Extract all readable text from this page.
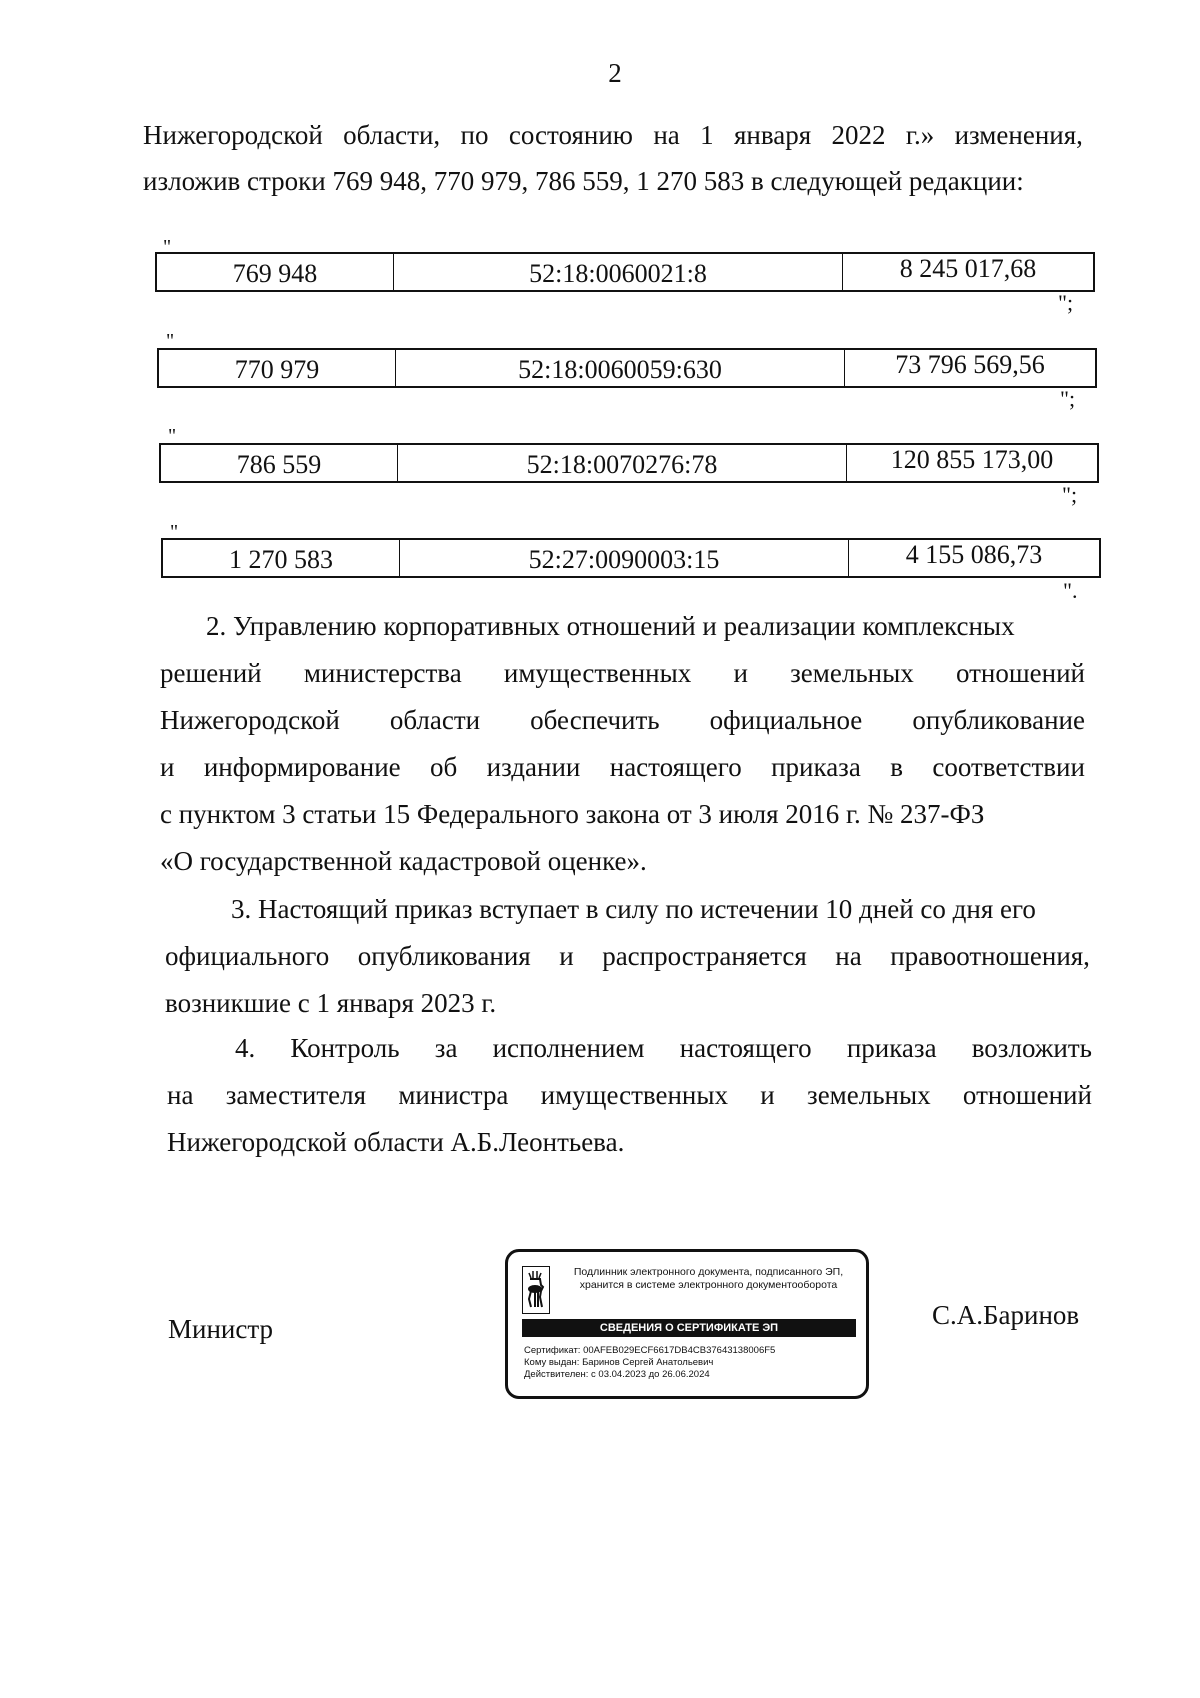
2
Нижегородской области, по состоянию на 1 января 2022 г.» изменения,
изложив строки 769 948, 770 979, 786 559, 1 270 583 в следующей редакции:
"
769 948	52:18:0060021:8	8 245 017,68
";
"
770 979	52:18:0060059:630	73 796 569,56
";
"
786 559	52:18:0070276:78	120 855 173,00
";
"
1 270 583	52:27:0090003:15	4 155 086,73
".
2. Управлению корпоративных отношений и реализации комплексных
решений министерства имущественных и земельных отношений
Нижегородской области обеспечить официальное опубликование
и информирование об издании настоящего приказа в соответствии
с пунктом 3 статьи 15 Федерального закона от 3 июля 2016 г. № 237-ФЗ
«О государственной кадастровой оценке».
3. Настоящий приказ вступает в силу по истечении 10 дней со дня его
официального опубликования и распространяется на правоотношения,
возникшие с 1 января 2023 г.
4. Контроль за исполнением настоящего приказа возложить
на заместителя министра имущественных и земельных отношений
Нижегородской области А.Б.Леонтьева.
Министр	С.А.Баринов
Подлинник электронного документа, подписанного ЭП,
хранится в системе электронного документооборота
СВЕДЕНИЯ О СЕРТИФИКАТЕ ЭП
Сертификат: 00AFEB029ECF6617DB4CB37643138006F5
Кому выдан: Баринов Сергей Анатольевич
Действителен: с 03.04.2023 до 26.06.2024
